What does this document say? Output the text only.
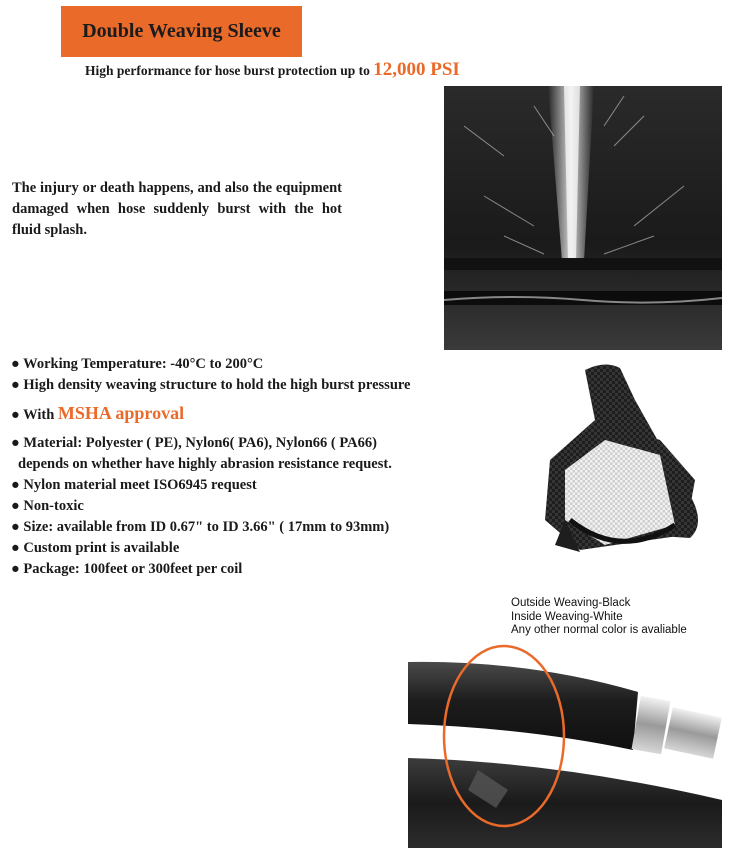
Double Weaving Sleeve
High performance for hose burst protection up to 12,000 PSI
The injury or death happens, and also the equipment damaged when hose suddenly burst with the hot fluid splash.

● Working Temperature: -40°C to 200°C

● High density weaving structure to hold the high burst pressure

● With MSHA approval

● Material: Polyester ( PE), Nylon6( PA6), Nylon66 ( PA66)

depends on whether have highly abrasion resistance request.

● Nylon material meet ISO6945 request

● Non-toxic

● Size: available from ID 0.67" to ID 3.66" ( 17mm to 93mm)

● Custom print is available

● Package: 100feet or 300feet per coil

Outside Weaving-Black
Inside Weaving-White
Any other normal color is avaliable
